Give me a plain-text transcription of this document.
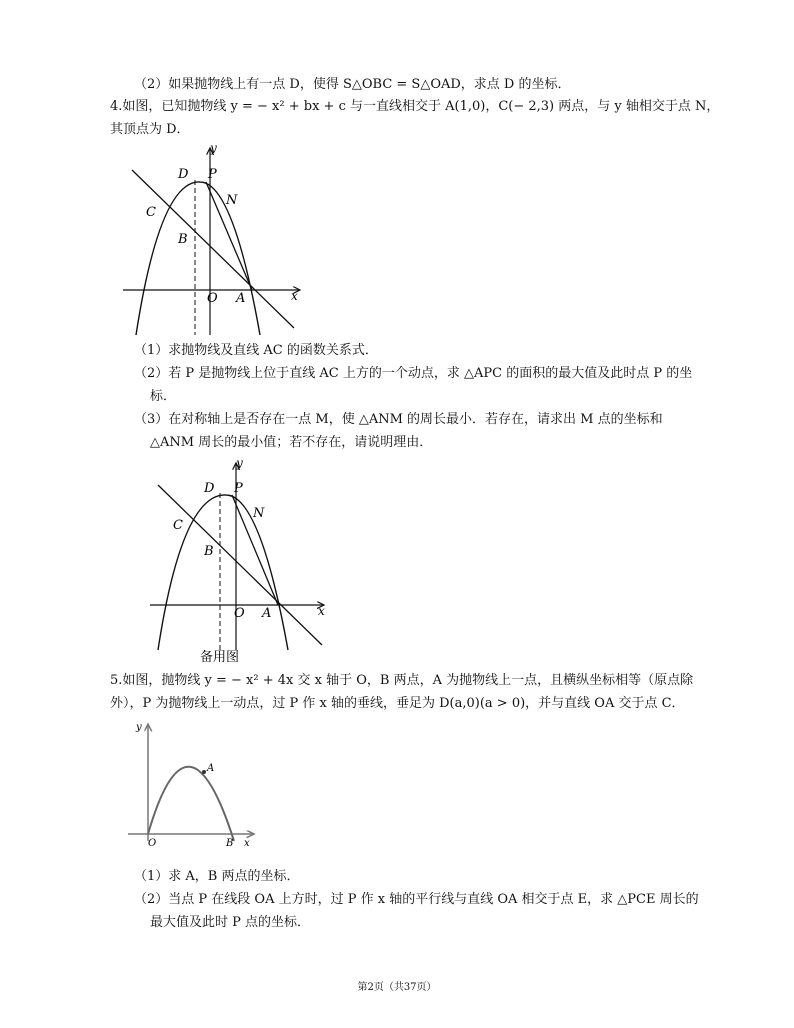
（2）如果抛物线上有一点 D，使得 S△OBC = S△OAD，求点 D 的坐标．
4.如图，已知抛物线 y = − x² + bx + c 与一直线相交于 A(1,0)，C(− 2,3) 两点，与 y 轴相交于点 N，
其顶点为 D．
D P
N
C
B
O A	x
y
（1）求抛物线及直线 AC 的函数关系式．
（2）若 P 是抛物线上位于直线 AC 上方的一个动点，求 △APC 的面积的最大值及此时点 P 的坐
标．
（3）在对称轴上是否存在一点 M，使 △ANM 的周长最小．若存在，请求出 M 点的坐标和
△ANM 周长的最小值；若不存在，请说明理由．
D P
N
C
B
O A	x
y
备用图
5.如图，抛物线 y = − x² + 4x 交 x 轴于 O，B 两点，A 为抛物线上一点，且横纵坐标相等（原点除
外），P 为抛物线上一动点，过 P 作 x 轴的垂线，垂足为 D(a,0)(a > 0)，并与直线 OA 交于点 C．
A
O	B x
y
（1）求 A，B 两点的坐标．
（2）当点 P 在线段 OA 上方时，过 P 作 x 轴的平行线与直线 OA 相交于点 E，求 △PCE 周长的
最大值及此时 P 点的坐标．
第2页（共37页）
